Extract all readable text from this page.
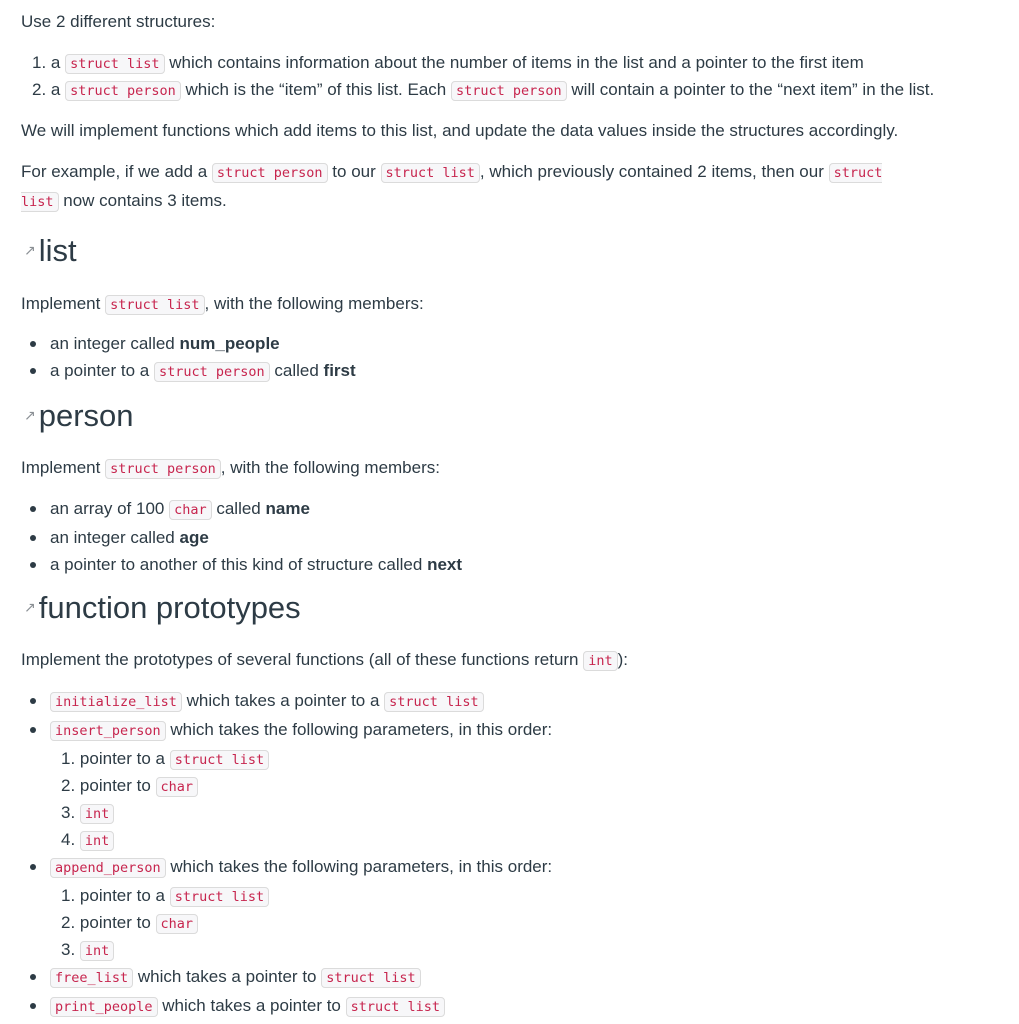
Use 2 different structures:

1. a struct list which contains information about the number of items in the list and a pointer to the first item
2. a struct person which is the “item” of this list. Each struct person will contain a pointer to the “next item” in the list.

We will implement functions which add items to this list, and update the data values inside the structures accordingly.

For example, if we add a struct person to our struct list , which previously contained 2 items, then our struct list now contains 3 items.

↗︎list

Implement struct list , with the following members:

an integer called num_people
a pointer to a struct person called first
↗︎person

Implement struct person , with the following members:

an array of 100 char called name
an integer called age
a pointer to another of this kind of structure called next
↗︎function prototypes

Implement the prototypes of several functions (all of these functions return int ):

initialize_list which takes a pointer to a struct list
insert_person which takes the following parameters, in this order:
1. pointer to a struct list
2. pointer to char
3. int
4. int
append_person which takes the following parameters, in this order:
1. pointer to a struct list
2. pointer to char
3. int
free_list which takes a pointer to struct list
print_people which takes a pointer to struct list
